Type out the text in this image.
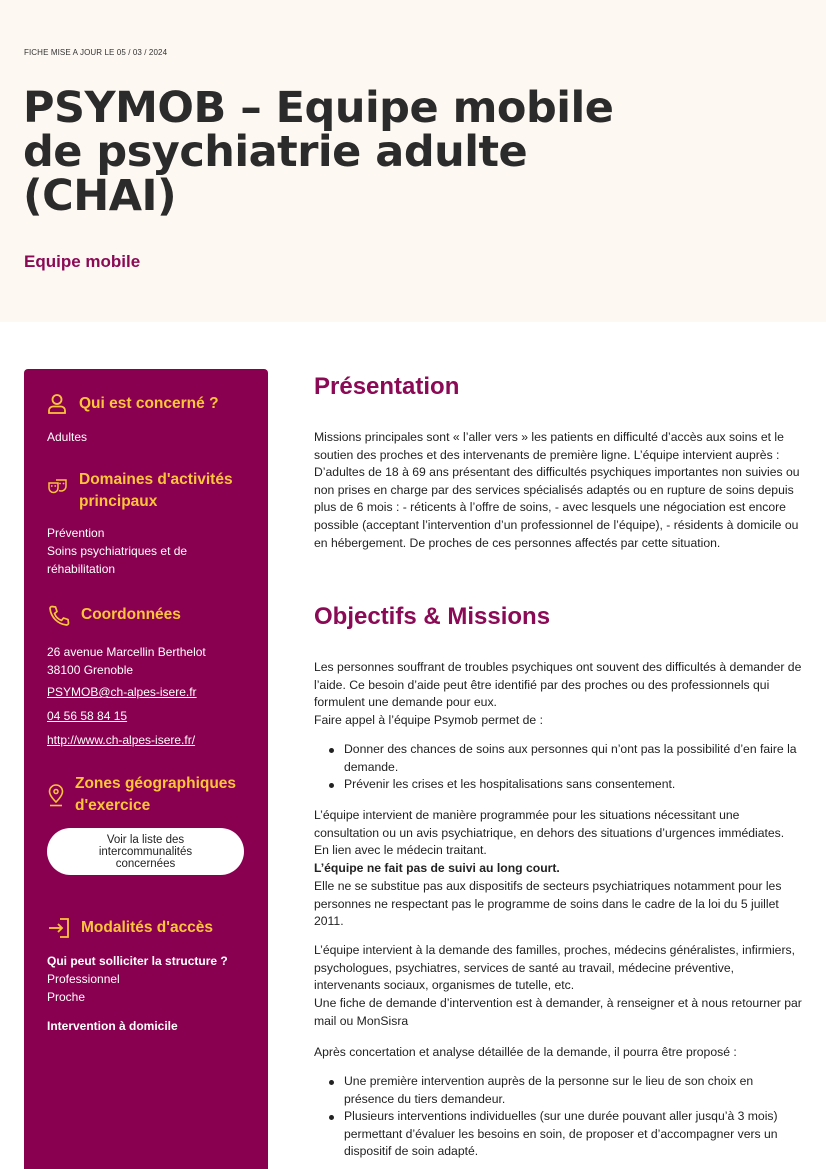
FICHE MISE A JOUR LE 05 / 03 / 2024
PSYMOB – Equipe mobile de psychiatrie adulte (CHAI)
Equipe mobile
Qui est concerné ?
Adultes
Domaines d'activités principaux
Prévention
Soins psychiatriques et de réhabilitation
Coordonnées
26 avenue Marcellin Berthelot
38100 Grenoble
PSYMOB@ch-alpes-isere.fr
04 56 58 84 15
http://www.ch-alpes-isere.fr/
Zones géographiques d'exercice
Voir la liste des intercommunalités concernées
Modalités d'accès
Qui peut solliciter la structure ?
Professionnel
Proche
Intervention à domicile
Présentation

Missions principales sont « l’aller vers » les patients en difficulté d’accès aux soins et le soutien des proches et des intervenants de première ligne. L’équipe intervient auprès : D’adultes de 18 à 69 ans présentant des difficultés psychiques importantes non suivies ou non prises en charge par des services spécialisés adaptés ou en rupture de soins depuis plus de 6 mois : - réticents à l’offre de soins, - avec lesquels une négociation est encore possible (acceptant l’intervention d’un professionnel de l’équipe), - résidents à domicile ou en hébergement. De proches de ces personnes affectés par cette situation.

Objectifs & Missions

Les personnes souffrant de troubles psychiques ont souvent des difficultés à demander de l’aide. Ce besoin d’aide peut être identifié par des proches ou des professionnels qui formulent une demande pour eux.

Faire appel à l’équipe Psymob permet de :

Donner des chances de soins aux personnes qui n’ont pas la possibilité d’en faire la demande.
Prévenir les crises et les hospitalisations sans consentement.

L’équipe intervient de manière programmée pour les situations nécessitant une consultation ou un avis psychiatrique, en dehors des situations d’urgences immédiates. En lien avec le médecin traitant.

L’équipe ne fait pas de suivi au long court.

Elle ne se substitue pas aux dispositifs de secteurs psychiatriques notamment pour les personnes ne respectant pas le programme de soins dans le cadre de la loi du 5 juillet 2011.

L’équipe intervient à la demande des familles, proches, médecins généralistes, infirmiers, psychologues, psychiatres, services de santé au travail, médecine préventive, intervenants sociaux, organismes de tutelle, etc.

Une fiche de demande d’intervention est à demander, à renseigner et à nous retourner par mail ou MonSisra

Après concertation et analyse détaillée de la demande, il pourra être proposé :

Une première intervention auprès de la personne sur le lieu de son choix en présence du tiers demandeur.
Plusieurs interventions individuelles (sur une durée pouvant aller jusqu’à 3 mois) permettant d’évaluer les besoins en soin, de proposer et d’accompagner vers un dispositif de soin adapté.
